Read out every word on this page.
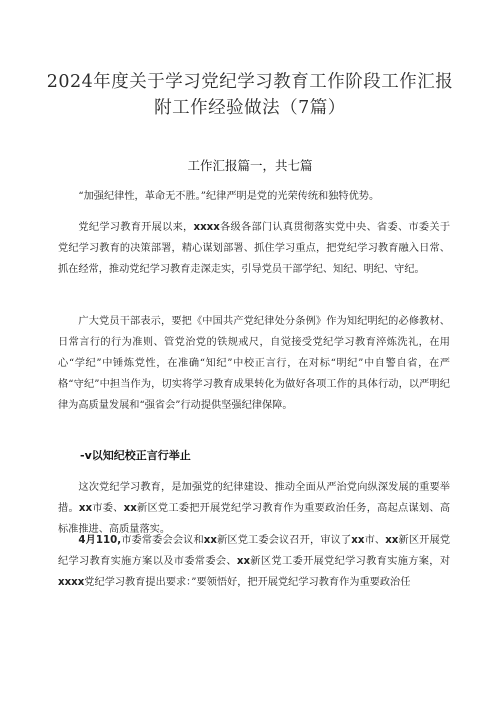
2024年度关于学习党纪学习教育工作阶段工作汇报
附工作经验做法（7篇）
工作汇报篇一，共七篇
“加强纪律性，革命无不胜。”纪律严明是党的光荣传统和独特优势。
党纪学习教育开展以来，xxxx各级各部门认真贯彻落实党中央、省委、市委关于党纪学习教育的决策部署，精心谋划部署、抓住学习重点，把党纪学习教育融入日常、抓在经常，推动党纪学习教育走深走实，引导党员干部学纪、知纪、明纪、守纪。
广大党员干部表示，要把《中国共产党纪律处分条例》作为知纪明纪的必修教材、日常言行的行为准则、管党治党的铁规戒尺，自觉接受党纪学习教育淬炼洗礼，在用心“学纪”中锤炼党性，在准确“知纪”中校正言行，在对标“明纪”中自警自省，在严格“守纪”中担当作为，切实将学习教育成果转化为做好各项工作的具体行动，以严明纪律为高质量发展和“强省会”行动提供坚强纪律保障。
-v以知纪校正言行举止
这次党纪学习教育，是加强党的纪律建设、推动全面从严治党向纵深发展的重要举措。xx市委、xx新区党工委把开展党纪学习教育作为重要政治任务，高起点谋划、高标准推进、高质量落实。
4月110,市委常委会会议和xx新区党工委会议召开，审议了xx市、xx新区开展党纪学习教育实施方案以及市委常委会、xx新区党工委开展党纪学习教育实施方案，对xxxx党纪学习教育提出要求：”要领悟好，把开展党纪学习教育作为重要政治任
